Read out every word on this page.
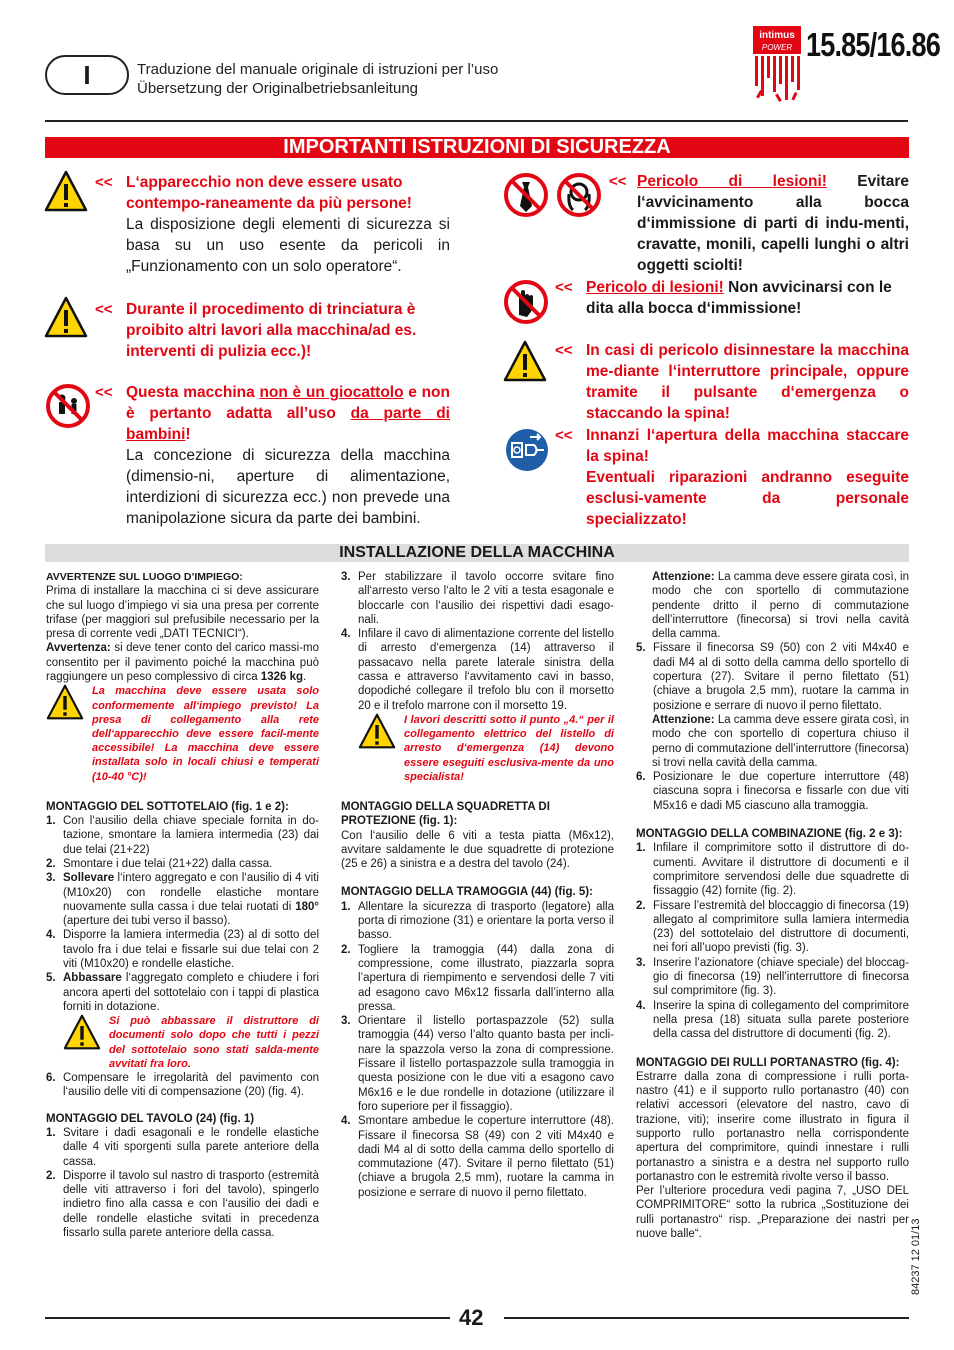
I	Traduzione del manuale originale di istruzioni per l’uso
Übersetzung der Originalbetriebsanleitung
intimus
POWER 15.85/16.86
IMPORTANTI ISTRUZIONI DI SICUREZZA
<< L‘apparecchio non deve essere usato contempo-raneamente da più persone!
La disposizione degli elementi di sicurezza si basa su un uso esente da pericoli in „Funzionamento con un solo operatore“.
<< Durante il procedimento di trinciatura è proibito altri lavori alla macchina/ad es. interventi di pulizia ecc.)!
<< Questa macchina non è un giocattolo e non è pertanto adatta all’uso da parte di bambini!
La concezione di sicurezza della macchina (dimensio-ni, aperture di alimentazione, interdizioni di sicurezza ecc.) non prevede una manipolazione sicura da parte dei bambini.
<< Pericolo di lesioni! Evitare l‘avvicinamento alla bocca d‘immissione di parti di indu-menti, cravatte, monili, capelli lunghi o altri oggetti sciolti!
<< Pericolo di lesioni! Non avvicinarsi con le dita alla bocca d‘immissione!
<< In casi di pericolo disinnestare la macchina me-diante l‘interruttore principale, oppure tramite il pulsante d‘emergenza o staccando la spina!
<< Innanzi l‘apertura della macchina staccare la spina!
Eventuali riparazioni andranno eseguite esclusi-vamente da personale specializzato!
INSTALLAZIONE DELLA MACCHINA

AVVERTENZE SUL LUOGO D’IMPIEGO:

Prima di installare la macchina ci si deve assicurare che sul luogo d’impiego vi sia una presa per corrente trifase (per maggiori sul prefusibile necessario per la presa di corrente vedi „DATI TECNICI“).

Avvertenza: si deve tener conto del carico massi-mo consentito per il pavimento poiché la macchina può raggiungere un peso complessivo di circa 1326 kg.

La macchina deve essere usata solo conformemente all‘impiego previsto! La presa di collegamento alla rete dell‘apparecchio deve essere facil-mente accessibile! La macchina deve essere installata solo in locali chiusi e temperati (10-40 °C)!

MONTAGGIO DEL SOTTOTELAIO (fig. 1 e 2):

1. Con l‘ausilio della chiave speciale fornita in do-tazione, smontare la lamiera intermedia (23) dai due telai (21+22)
2. Smontare i due telai (21+22) dalla cassa.
3. Sollevare l‘intero aggregato e con l‘ausilio di 4 viti (M10x20) con rondelle elastiche montare nuovamente sulla cassa i due telai ruotati di 180° (aperture dei tubi verso il basso).
4. Disporre la lamiera intermedia (23) al di sotto del tavolo fra i due telai e fissarle sui due telai con 2 viti (M10x20) e rondelle elastiche.
5. Abbassare l‘aggregato completo e chiudere i fori ancora aperti del sottotelaio con i tappi di plastica forniti in dotazione.
Si può abbassare il distruttore di documenti solo dopo che tutti i pezzi del sottotelaio sono stati salda-mente avvitati fra loro.
6. Compensare le irregolarità del pavimento con l‘ausilio delle viti di compensazione (20) (fig. 4).

MONTAGGIO DEL TAVOLO (24) (fig. 1)

1. Svitare i dadi esagonali e le rondelle elastiche dalle 4 viti sporgenti sulla parete anteriore della cassa.
2. Disporre il tavolo sul nastro di trasporto (estremità delle viti attraverso i fori del tavolo), spingerlo indietro fino alla cassa e con l‘ausilio dei dadi e delle rondelle elastiche svitati in precedenza fissarlo sulla parete anteriore della cassa.
3. Per stabilizzare il tavolo occorre svitare fino all‘arresto verso l‘alto le 2 viti a testa esagonale e bloccarle con l‘ausilio dei rispettivi dadi esago-nali.
4. Infilare il cavo di alimentazione corrente del listello di arresto d‘emergenza (14) attraverso il passacavo nella parete laterale sinistra della cassa e attraverso l‘avvitamento cavi in basso, dopodiché collegare il trefolo blu con il morsetto 20 e il trefolo marrone con il morsetto 19.
I lavori descritti sotto il punto „4.“ per il collegamento elettrico del listello di arresto d‘emergenza (14) devono essere eseguiti esclusiva-mente da uno specialista!

MONTAGGIO DELLA SQUADRETTA DI PROTEZIONE (fig. 1):

Con l‘ausilio delle 6 viti a testa piatta (M6x12), avvitare saldamente le due squadrette di protezione (25 e 26) a sinistra e a destra del tavolo (24).

MONTAGGIO DELLA TRAMOGGIA (44) (fig. 5):

1. Allentare la sicurezza di trasporto (legatore) alla porta di rimozione (31) e orientare la porta verso il basso.
2. Togliere la tramoggia (44) dalla zona di compressione, come illustrato, piazzarla sopra l’apertura di riempimento e servendosi delle 7 viti ad esagono cavo M6x12 fissarla dall’interno alla pressa.
3. Orientare il listello portaspazzole (52) sulla tramoggia (44) verso l’alto quanto basta per incli-nare la spazzola verso la zona di compressione. Fissare il listello portaspazzole sulla tramoggia in questa posizione con le due viti a esagono cavo M6x16 e le due rondelle in dotazione (utilizzare il foro superiore per il fissaggio).
4. Smontare ambedue le coperture interruttore (48). Fissare il finecorsa S8 (49) con 2 viti M4x40 e dadi M4 al di sotto della camma dello sportello di commutazione (47). Svitare il perno filettato (51) (chiave a brugola 2,5 mm), ruotare la camma in posizione e serrare di nuovo il perno filettato.

Attenzione: La camma deve essere girata così, in modo che con sportello di commutazione pendente dritto il perno di commutazione dell’interruttore (finecorsa) si trovi nella cavità della camma.

5. Fissare il finecorsa S9 (50) con 2 viti M4x40 e dadi M4 al di sotto della camma dello sportello di copertura (27). Svitare il perno filettato (51) (chiave a brugola 2,5 mm), ruotare la camma in posizione e serrare di nuovo il perno filettato.

Attenzione: La camma deve essere girata così, in modo che con sportello di copertura chiuso il perno di commutazione dell’interruttore (finecorsa) si trovi nella cavità della camma.

6. Posizionare le due coperture interruttore (48) ciascuna sopra i finecorsa e fissarle con due viti M5x16 e dadi M5 ciascuno alla tramoggia.

MONTAGGIO DELLA COMBINAZIONE (fig. 2 e 3):

1. Infilare il comprimitore sotto il distruttore di do-cumenti. Avvitare il distruttore di documenti e il comprimitore servendosi delle due squadrette di fissaggio (42) fornite (fig. 2).
2. Fissare l’estremità del bloccaggio di finecorsa (19) allegato al comprimitore sulla lamiera intermedia (23) del sottotelaio del distruttore di documenti, nei fori all’uopo previsti (fig. 3).
3. Inserire l’azionatore (chiave speciale) del bloccag-gio di finecorsa (19) nell’interruttore di finecorsa sul comprimitore (fig. 3).
4. Inserire la spina di collegamento del comprimitore nella presa (18) situata sulla parete posteriore della cassa del distruttore di documenti (fig. 2).

MONTAGGIO DEI RULLI PORTANASTRO (fig. 4):

Estrarre dalla zona di compressione i rulli porta-nastro (41) e il supporto rullo portanastro (40) con relativi accessori (elevatore del nastro, cavo di trazione, viti); inserire come illustrato in figura il supporto rullo portanastro nella corrispondente apertura del comprimitore, quindi innestare i rulli portanastro a sinistra e a destra nel supporto rullo portanastro con le estremità rivolte verso il basso.

Per l’ulteriore procedura vedi pagina 7, „USO DEL COMPRIMITORE“ sotto la rubrica „Sostituzione dei rulli portanastro“ risp. „Preparazione dei nastri per nuove balle“.

42
84237 12 01/13
